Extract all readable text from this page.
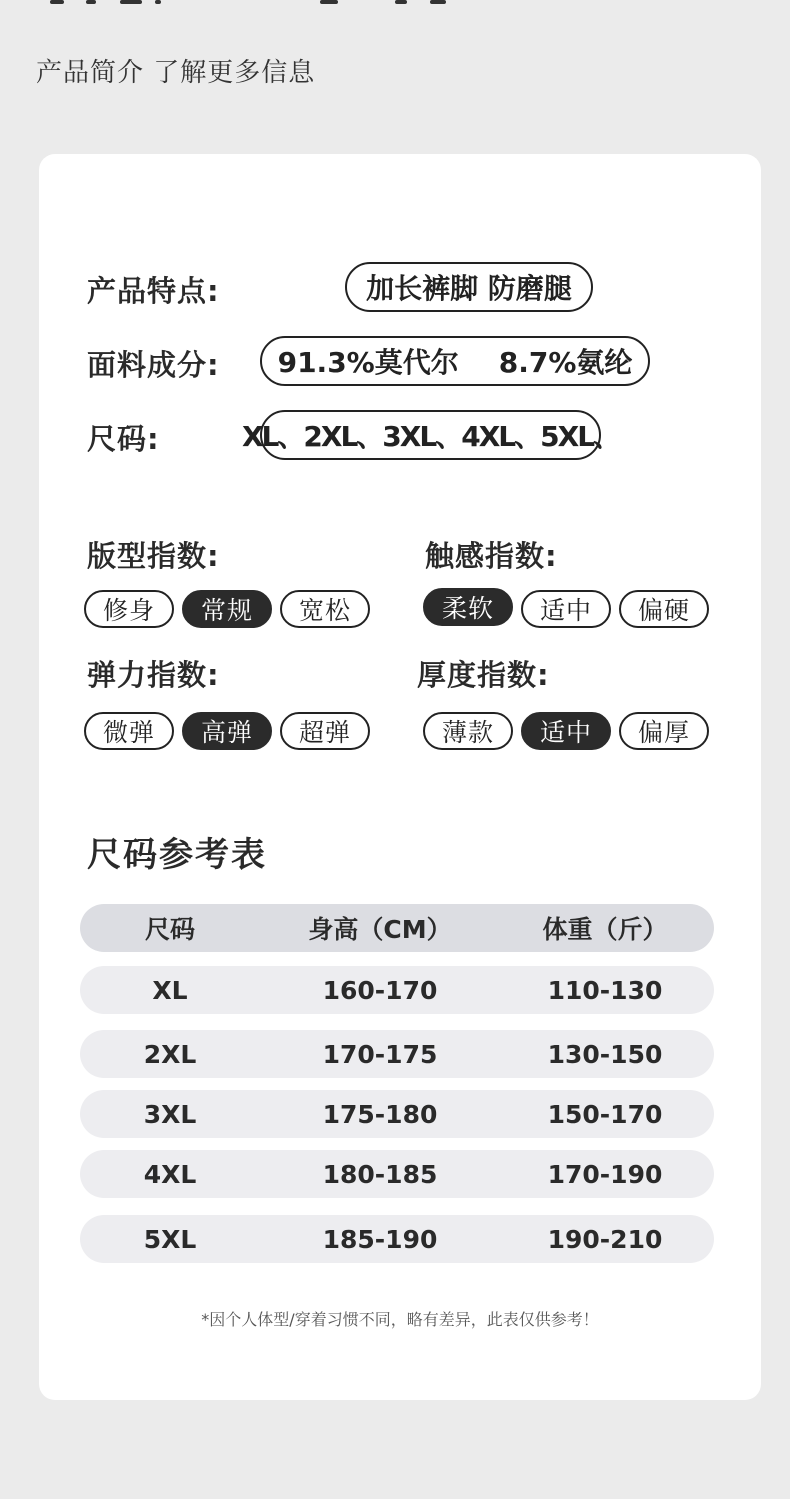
产品简介 了解更多信息
产品特点:	加长裤脚 防磨腿
面料成分: 91.3%莫代尔 8.7%氨纶
尺码:	XL、2XL、3XL、4XL、5XL、
版型指数:
修身	常规	宽松
触感指数:
柔软	适中	偏硬
弹力指数:
微弹	高弹	超弹
厚度指数:
薄款	适中	偏厚
尺码参考表
尺码	身高（CM）	体重（斤）
XL	160-170	110-130
2XL	170-175	130-150
3XL	175-180	150-170
4XL	180-185	170-190
5XL	185-190	190-210
*因个人体型/穿着习惯不同，略有差异，此表仅供参考！
